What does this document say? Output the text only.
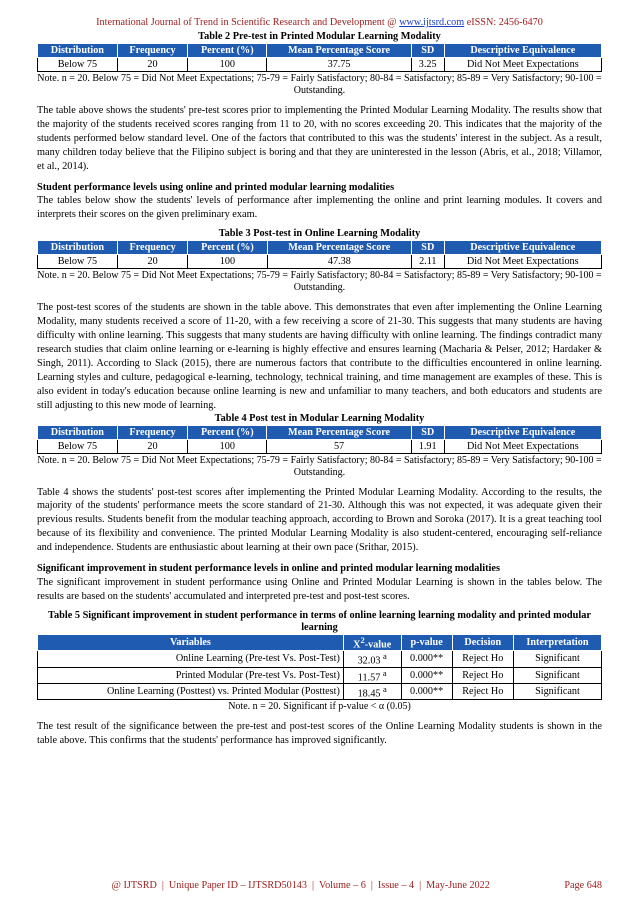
International Journal of Trend in Scientific Research and Development @ www.ijtsrd.com eISSN: 2456-6470
Table 2 Pre-test in Printed Modular Learning Modality
Distribution	Frequency	Percent (%)	Mean Percentage Score	SD	Descriptive Equivalence
Below 75	20	100	37.75	3.25	Did Not Meet Expectations
Note. n = 20. Below 75 = Did Not Meet Expectations; 75-79 = Fairly Satisfactory; 80-84 = Satisfactory; 85-89 = Very Satisfactory; 90-100 = Outstanding.

The table above shows the students' pre-test scores prior to implementing the Printed Modular Learning Modality. The results show that the majority of the students received scores ranging from 11 to 20, with no scores exceeding 20. This indicates that the majority of the students performed below standard level. One of the factors that contributed to this was the students' interest in the subject. As a result, many children today believe that the Filipino subject is boring and that they are uninterested in the lesson (Abris, et al., 2018; Villamor, et al., 2014).

Student performance levels using online and printed modular learning modalities

The tables below show the students' levels of performance after implementing the online and print learning modules. It covers and interprets their scores on the given preliminary exam.

Table 3 Post-test in Online Learning Modality
Distribution	Frequency	Percent (%)	Mean Percentage Score	SD	Descriptive Equivalence
Below 75	20	100	47.38	2.11	Did Not Meet Expectations
Note. n = 20. Below 75 = Did Not Meet Expectations; 75-79 = Fairly Satisfactory; 80-84 = Satisfactory; 85-89 = Very Satisfactory; 90-100 = Outstanding.

The post-test scores of the students are shown in the table above. This demonstrates that even after implementing the Online Learning Modality, many students received a score of 11-20, with a few receiving a score of 21-30. This suggests that many students are having difficulty with online learning. This suggests that many students are having difficulty with online learning. The findings contradict many research studies that claim online learning or e-learning is highly effective and ensures learning (Macharia & Pelser, 2012; Hardaker & Singh, 2011). According to Slack (2015), there are numerous factors that contribute to the difficulties encountered in online learning. Learning styles and culture, pedagogical e-learning, technology, technical training, and time management are examples of these. This is also evident in today's education because online learning is new and unfamiliar to many teachers, and both educators and students are still adjusting to this new mode of learning.

Table 4 Post test in Modular Learning Modality
Distribution	Frequency	Percent (%)	Mean Percentage Score	SD	Descriptive Equivalence
Below 75	20	100	57	1.91	Did Not Meet Expectations
Note. n = 20. Below 75 = Did Not Meet Expectations; 75-79 = Fairly Satisfactory; 80-84 = Satisfactory; 85-89 = Very Satisfactory; 90-100 = Outstanding.

Table 4 shows the students' post-test scores after implementing the Printed Modular Learning Modality. According to the results, the majority of the students' performance meets the score standard of 21-30. Although this was not expected, it was adequate given their previous results. Students benefit from the modular teaching approach, according to Brown and Soroka (2017). It is a great teaching tool because of its flexibility and convenience. The printed Modular Learning Modality is also student-centered, encouraging self-reliance and independence. Students are enthusiastic about learning at their own pace (Srithar, 2015).

Significant improvement in student performance levels in online and printed modular learning modalities

The significant improvement in student performance using Online and Printed Modular Learning is shown in the tables below. The results are based on the students' accumulated and interpreted pre-test and post-test scores.

Table 5 Significant improvement in student performance in terms of online learning learning modality and printed modular learning
Variables	$X^2$-value	p-value	Decision	Interpretation
Online Learning (Pre-test Vs. Post-Test)	32.03 $^a$	0.000**	Reject Ho	Significant
Printed Modular (Pre-test Vs. Post-Test)	11.57 $^a$	0.000**	Reject Ho	Significant
Online Learning (Posttest) vs. Printed Modular (Posttest)	18.45 $^a$	0.000**	Reject Ho	Significant
Note. n = 20. Significant if p-value < α (0.05)

The test result of the significance between the pre-test and post-test scores of the Online Learning Modality students is shown in the table above. This confirms that the students' performance has improved significantly.

@ IJTSRD | Unique Paper ID – IJTSRD50143 | Volume – 6 | Issue – 4 | May-June 2022	Page 648
